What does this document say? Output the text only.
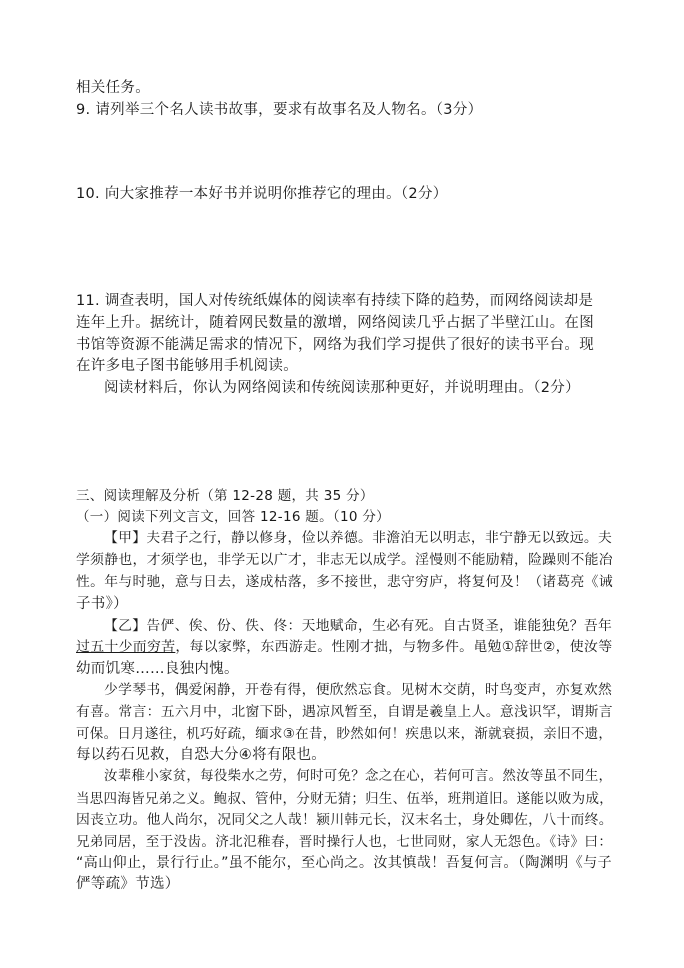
相关任务。
9. 请列举三个名人读书故事，要求有故事名及人物名。（3分）
10. 向大家推荐一本好书并说明你推荐它的理由。（2分）
11. 调查表明，国人对传统纸媒体的阅读率有持续下降的趋势，而网络阅读却是
连年上升。据统计，随着网民数量的激增，网络阅读几乎占据了半壁江山。在图
书馆等资源不能满足需求的情况下，网络为我们学习提供了很好的读书平台。现
在许多电子图书能够用手机阅读。
阅读材料后，你认为网络阅读和传统阅读那种更好，并说明理由。（2分）
三、阅读理解及分析（第 12-28 题，共 35 分）
（一）阅读下列文言文，回答 12-16 题。（10 分）
【甲】夫君子之行，静以修身，俭以养德。非澹泊无以明志，非宁静无以致远。夫
学须静也，才须学也，非学无以广才，非志无以成学。淫慢则不能励精，险躁则不能冶
性。年与时驰，意与日去，遂成枯落，多不接世，悲守穷庐，将复何及！（诸葛亮《诫
子书》）
【乙】告俨、俟、份、佚、佟：天地赋命，生必有死。自古贤圣，谁能独免？吾年
过五十少而穷苦，每以家弊，东西游走。性刚才拙，与物多件。黾勉①辞世②，使汝等
幼而饥寒……良独内愧。
少学琴书，偶爱闲静，开卷有得，便欣然忘食。见树木交荫，时鸟变声，亦复欢然
有喜。常言：五六月中，北窗下卧，遇凉风暂至，自谓是羲皇上人。意浅识罕，谓斯言
可保。日月遂往，机巧好疏，缅求③在昔，眇然如何！疾患以来，渐就衰损，亲旧不遗，
每以药石见救，自恐大分④将有限也。
汝辈稚小家贫，每役柴水之劳，何时可免？念之在心，若何可言。然汝等虽不同生，
当思四海皆兄弟之义。鲍叔、管仲，分财无猜；归生、伍举，班荆道旧。遂能以败为成，
因丧立功。他人尚尔，况同父之人哉！颍川韩元长，汉末名士，身处卿佐，八十而终。
兄弟同居，至于没齿。济北氾稚春，晋时操行人也，七世同财，家人无怨色。《诗》曰：
“高山仰止，景行行止。”虽不能尔，至心尚之。汝其慎哉！吾复何言。（陶渊明《与子
俨等疏》节选）
